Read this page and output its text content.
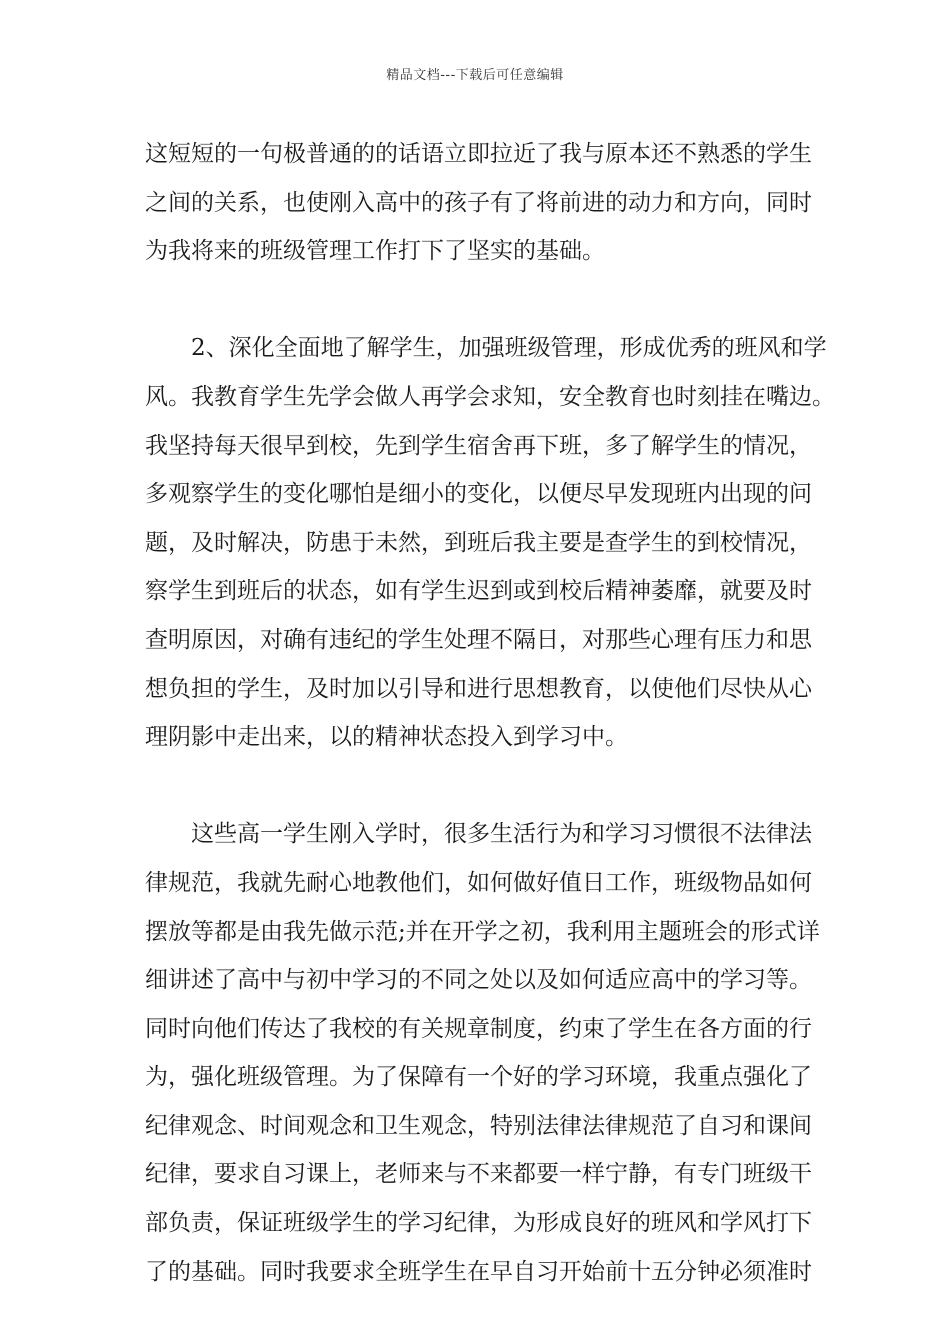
精品文档---下载后可任意编辑
这短短的一句极普通的的话语立即拉近了我与原本还不熟悉的学生
之间的关系，也使刚入高中的孩子有了将前进的动力和方向，同时
为我将来的班级管理工作打下了坚实的基础。
2、深化全面地了解学生，加强班级管理，形成优秀的班风和学
风。我教育学生先学会做人再学会求知，安全教育也时刻挂在嘴边。
我坚持每天很早到校，先到学生宿舍再下班，多了解学生的情况，
多观察学生的变化哪怕是细小的变化，以便尽早发现班内出现的问
题，及时解决，防患于未然，到班后我主要是查学生的到校情况，
察学生到班后的状态，如有学生迟到或到校后精神萎靡，就要及时
查明原因，对确有违纪的学生处理不隔日，对那些心理有压力和思
想负担的学生，及时加以引导和进行思想教育，以使他们尽快从心
理阴影中走出来，以的精神状态投入到学习中。
这些高一学生刚入学时，很多生活行为和学习习惯很不法律法
律规范，我就先耐心地教他们，如何做好值日工作，班级物品如何
摆放等都是由我先做示范;并在开学之初，我利用主题班会的形式详
细讲述了高中与初中学习的不同之处以及如何适应高中的学习等。
同时向他们传达了我校的有关规章制度，约束了学生在各方面的行
为，强化班级管理。为了保障有一个好的学习环境，我重点强化了
纪律观念、时间观念和卫生观念，特别法律法律规范了自习和课间
纪律，要求自习课上，老师来与不来都要一样宁静，有专门班级干
部负责，保证班级学生的学习纪律，为形成良好的班风和学风打下
了的基础。同时我要求全班学生在早自习开始前十五分钟必须准时
